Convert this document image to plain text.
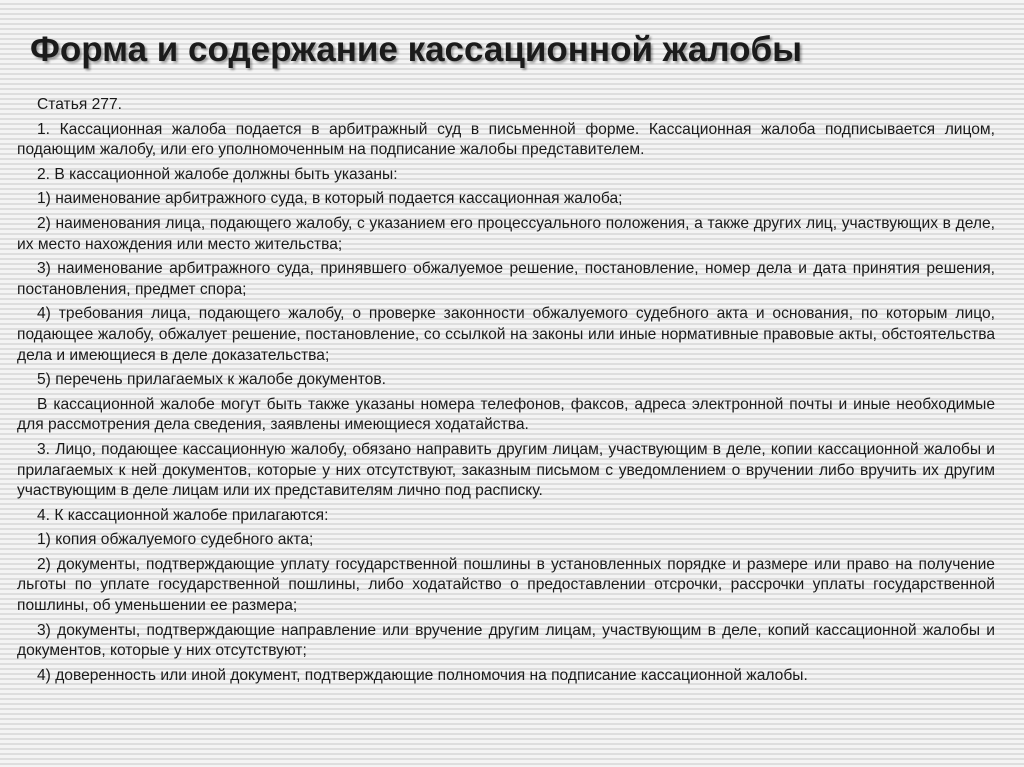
Форма и содержание кассационной жалобы

Статья 277.

1. Кассационная жалоба подается в арбитражный суд в письменной форме. Кассационная жалоба подписывается лицом, подающим жалобу, или его уполномоченным на подписание жалобы представителем.

2. В кассационной жалобе должны быть указаны:

1) наименование арбитражного суда, в который подается кассационная жалоба;

2) наименования лица, подающего жалобу, с указанием его процессуального положения, а также других лиц, участвующих в деле, их место нахождения или место жительства;

3) наименование арбитражного суда, принявшего обжалуемое решение, постановление, номер дела и дата принятия решения, постановления, предмет спора;

4) требования лица, подающего жалобу, о проверке законности обжалуемого судебного акта и основания, по которым лицо, подающее жалобу, обжалует решение, постановление, со ссылкой на законы или иные нормативные правовые акты, обстоятельства дела и имеющиеся в деле доказательства;

5) перечень прилагаемых к жалобе документов.

В кассационной жалобе могут быть также указаны номера телефонов, факсов, адреса электронной почты и иные необходимые для рассмотрения дела сведения, заявлены имеющиеся ходатайства.

3. Лицо, подающее кассационную жалобу, обязано направить другим лицам, участвующим в деле, копии кассационной жалобы и прилагаемых к ней документов, которые у них отсутствуют, заказным письмом с уведомлением о вручении либо вручить их другим участвующим в деле лицам или их представителям лично под расписку.

4. К кассационной жалобе прилагаются:

1) копия обжалуемого судебного акта;

2) документы, подтверждающие уплату государственной пошлины в установленных порядке и размере или право на получение льготы по уплате государственной пошлины, либо ходатайство о предоставлении отсрочки, рассрочки уплаты государственной пошлины, об уменьшении ее размера;

3) документы, подтверждающие направление или вручение другим лицам, участвующим в деле, копий кассационной жалобы и документов, которые у них отсутствуют;

4) доверенность или иной документ, подтверждающие полномочия на подписание кассационной жалобы.
